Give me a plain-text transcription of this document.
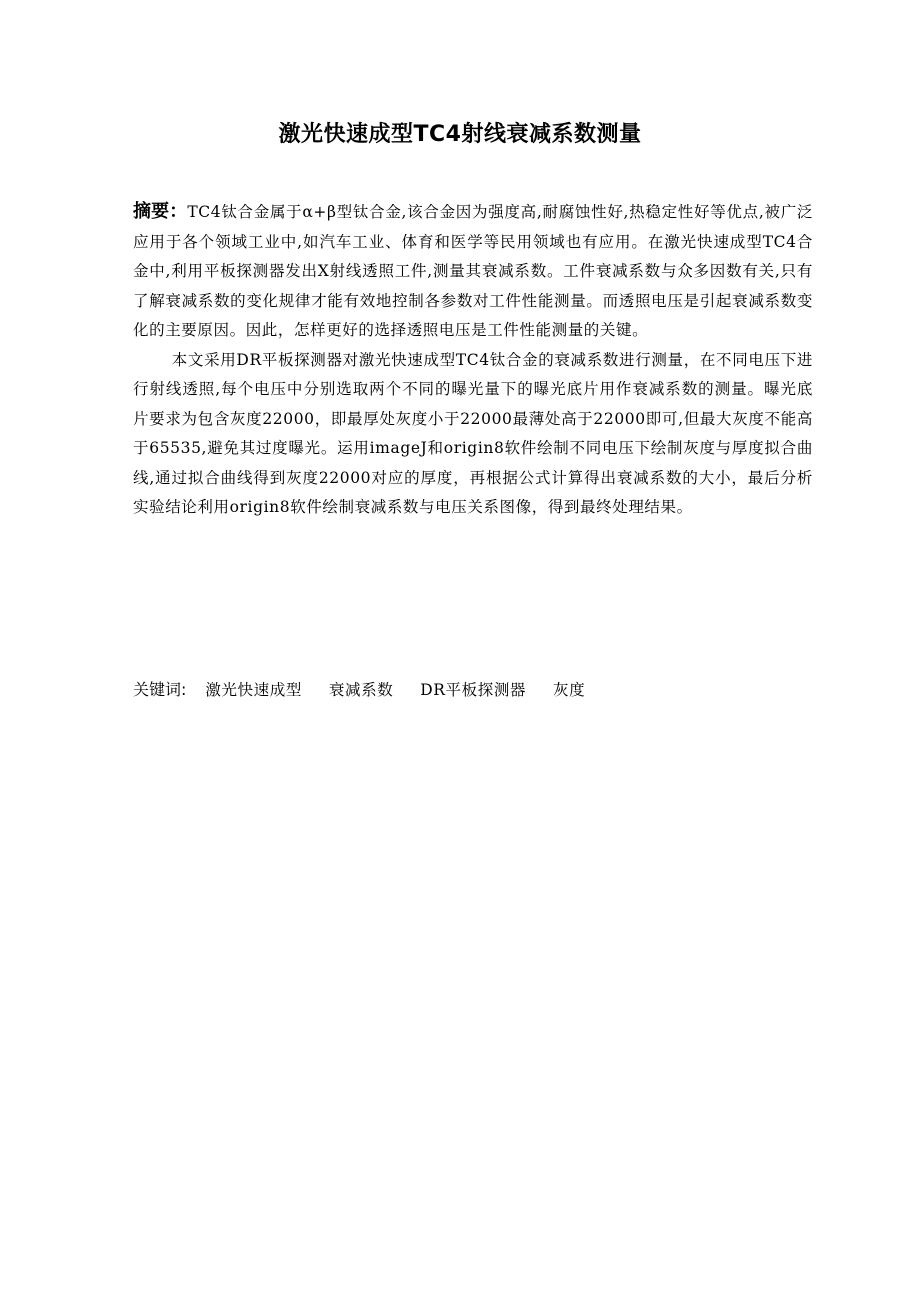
激光快速成型TC4射线衰减系数测量

摘要：TC4钛合金属于α+β型钛合金,该合金因为强度高,耐腐蚀性好,热稳定性好等优点,被广泛应用于各个领域工业中,如汽车工业、体育和医学等民用领域也有应用。在激光快速成型TC4合金中,利用平板探测器发出X射线透照工件,测量其衰减系数。工件衰减系数与众多因数有关,只有了解衰减系数的变化规律才能有效地控制各参数对工件性能测量。而透照电压是引起衰减系数变化的主要原因。因此，怎样更好的选择透照电压是工件性能测量的关键。

本文采用DR平板探测器对激光快速成型TC4钛合金的衰减系数进行测量，在不同电压下进行射线透照,每个电压中分别选取两个不同的曝光量下的曝光底片用作衰减系数的测量。曝光底片要求为包含灰度22000，即最厚处灰度小于22000最薄处高于22000即可,但最大灰度不能高于65535,避免其过度曝光。运用imageJ和origin8软件绘制不同电压下绘制灰度与厚度拟合曲线,通过拟合曲线得到灰度22000对应的厚度，再根据公式计算得出衰减系数的大小，最后分析实验结论利用origin8软件绘制衰减系数与电压关系图像，得到最终处理结果。

关键词: 激光快速成型 衰减系数 DR平板探测器 灰度
